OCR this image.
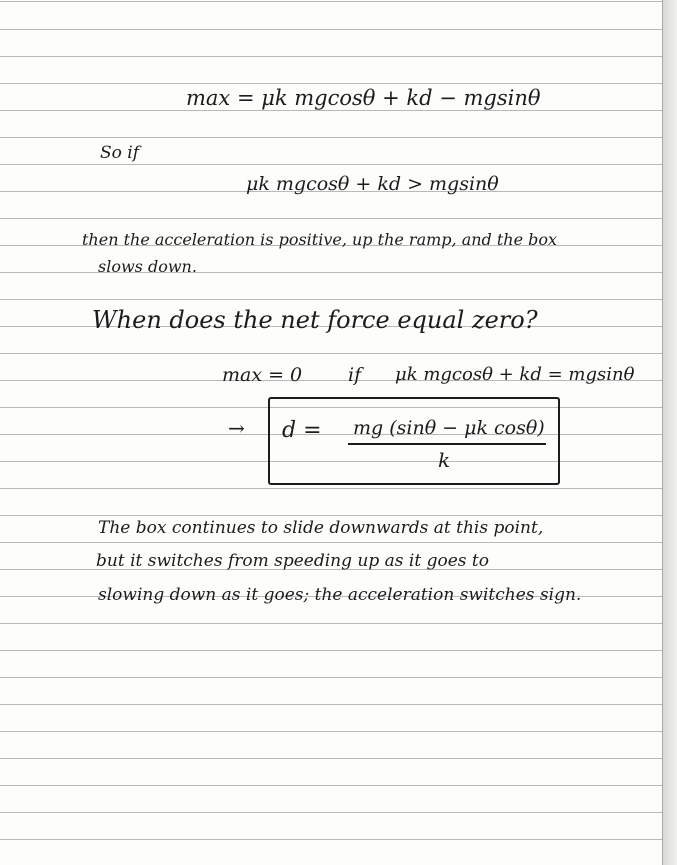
max = μk mgcosθ + kd − mgsinθ
So if
μk mgcosθ + kd > mgsinθ
then the acceleration is positive, up the ramp, and the box
slows down.
When does the net force equal zero?
max = 0 if μk mgcosθ + kd = mgsinθ
→ d = mg (sinθ − μk cosθ)
k
The box continues to slide downwards at this point,
but it switches from speeding up as it goes to
slowing down as it goes; the acceleration switches sign.
